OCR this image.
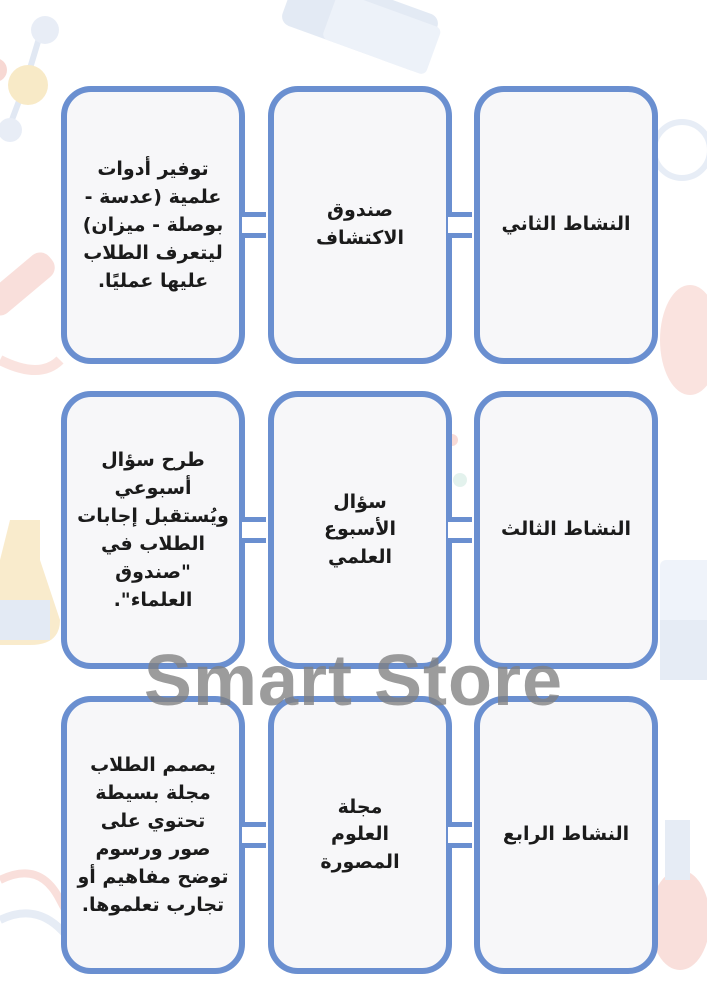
النشاط الثاني
صندوق الاكتشاف
توفير أدوات علمية (عدسة - بوصلة - ميزان) ليتعرف الطلاب عليها عمليًا.
النشاط الثالث
سؤال الأسبوع العلمي
طرح سؤال أسبوعي ويُستقبل إجابات الطلاب في "صندوق العلماء".
النشاط الرابع
مجلة العلوم المصورة
يصمم الطلاب مجلة بسيطة تحتوي على صور ورسوم توضح مفاهيم أو تجارب تعلموها.
Smart Store
